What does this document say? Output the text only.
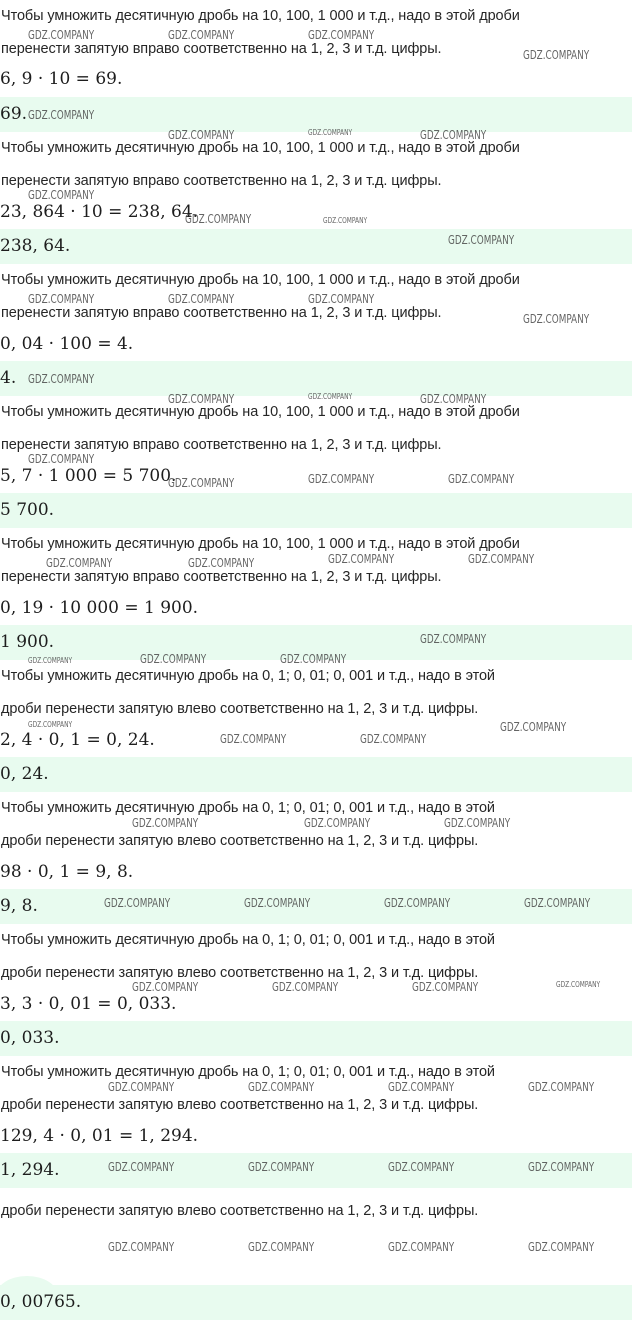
Чтобы умножить десятичную дробь на 10, 100, 1 000 и т.д., надо в этой дроби
перенести запятую вправо соответственно на 1, 2, 3 и т.д. цифры.
6, 9 · 10 = 69.
69.
Чтобы умножить десятичную дробь на 10, 100, 1 000 и т.д., надо в этой дроби
перенести запятую вправо соответственно на 1, 2, 3 и т.д. цифры.
23, 864 · 10 = 238, 64.
238, 64.
Чтобы умножить десятичную дробь на 10, 100, 1 000 и т.д., надо в этой дроби
перенести запятую вправо соответственно на 1, 2, 3 и т.д. цифры.
0, 04 · 100 = 4.
4.
Чтобы умножить десятичную дробь на 10, 100, 1 000 и т.д., надо в этой дроби
перенести запятую вправо соответственно на 1, 2, 3 и т.д. цифры.
5, 7 · 1 000 = 5 700.
5 700.
Чтобы умножить десятичную дробь на 10, 100, 1 000 и т.д., надо в этой дроби
перенести запятую вправо соответственно на 1, 2, 3 и т.д. цифры.
0, 19 · 10 000 = 1 900.
1 900.
Чтобы умножить десятичную дробь на 0, 1; 0, 01; 0, 001 и т.д., надо в этой
дроби перенести запятую влево соответственно на 1, 2, 3 и т.д. цифры.
2, 4 · 0, 1 = 0, 24.
0, 24.
Чтобы умножить десятичную дробь на 0, 1; 0, 01; 0, 001 и т.д., надо в этой
дроби перенести запятую влево соответственно на 1, 2, 3 и т.д. цифры.
98 · 0, 1 = 9, 8.
9, 8.
Чтобы умножить десятичную дробь на 0, 1; 0, 01; 0, 001 и т.д., надо в этой
дроби перенести запятую влево соответственно на 1, 2, 3 и т.д. цифры.
3, 3 · 0, 01 = 0, 033.
0, 033.
Чтобы умножить десятичную дробь на 0, 1; 0, 01; 0, 001 и т.д., надо в этой
дроби перенести запятую влево соответственно на 1, 2, 3 и т.д. цифры.
129, 4 · 0, 01 = 1, 294.
1, 294.
дроби перенести запятую влево соответственно на 1, 2, 3 и т.д. цифры.
0, 00765.
GDZ.COMPANY	GDZ.COMPANY	GDZ.COMPANY
GDZ.COMPANY
GDZ.COMPANY
GDZ.COMPANY	GDZ.COMPANY	GDZ.COMPANY
GDZ.COMPANY
GDZ.COMPANY	GDZ.COMPANY
GDZ.COMPANY
GDZ.COMPANY	GDZ.COMPANY	GDZ.COMPANY
GDZ.COMPANY
GDZ.COMPANY
GDZ.COMPANY	GDZ.COMPANY	GDZ.COMPANY
GDZ.COMPANY
GDZ.COMPANY	GDZ.COMPANY	GDZ.COMPANY
GDZ.COMPANY	GDZ.COMPANY	GDZ.COMPANY	GDZ.COMPANY
GDZ.COMPANY
GDZ.COMPANY	GDZ.COMPANY	GDZ.COMPANY
GDZ.COMPANY	GDZ.COMPANY
GDZ.COMPANY	GDZ.COMPANY
GDZ.COMPANY	GDZ.COMPANY	GDZ.COMPANY
GDZ.COMPANY	GDZ.COMPANY	GDZ.COMPANY	GDZ.COMPANY
GDZ.COMPANY	GDZ.COMPANY	GDZ.COMPANY	GDZ.COMPANY
GDZ.COMPANY	GDZ.COMPANY	GDZ.COMPANY	GDZ.COMPANY
GDZ.COMPANY	GDZ.COMPANY	GDZ.COMPANY	GDZ.COMPANY
GDZ.COMPANY	GDZ.COMPANY	GDZ.COMPANY	GDZ.COMPANY
